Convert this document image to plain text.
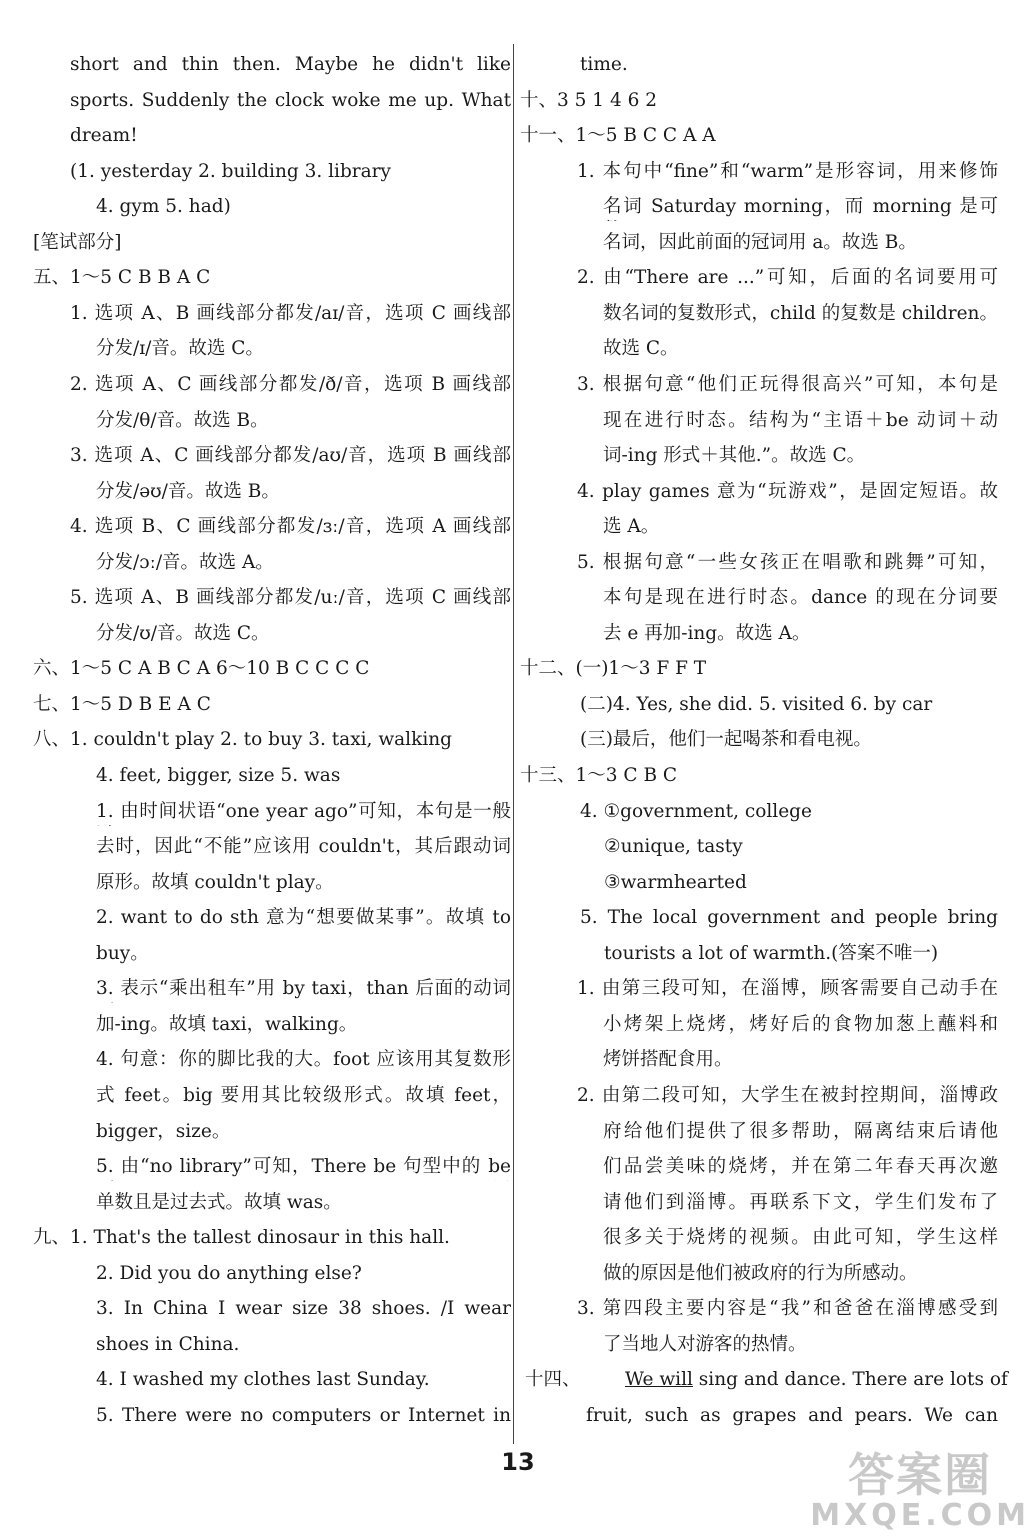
short and thin then. Maybe he didn't like
sports. Suddenly the clock woke me up. What
dream!
(1. yesterday 2. building 3. library
4. gym 5. had)
[笔试部分]
五、1～5 C B B A C
1. 选项 A、B 画线部分都发/aɪ/音，选项 C 画线部
分发/ɪ/音。故选 C。
2. 选项 A、C 画线部分都发/ð/音，选项 B 画线部
分发/θ/音。故选 B。
3. 选项 A、C 画线部分都发/aʊ/音，选项 B 画线部
分发/əʊ/音。故选 B。
4. 选项 B、C 画线部分都发/ɜː/音，选项 A 画线部
分发/ɔː/音。故选 A。
5. 选项 A、B 画线部分都发/uː/音，选项 C 画线部
分发/ʊ/音。故选 C。
六、1～5 C A B C A 6～10 B C C C C
七、1～5 D B E A C
八、1. couldn't play 2. to buy 3. taxi, walking
4. feet, bigger, size 5. was
1. 由时间状语“one year ago”可知，本句是一般
去时，因此“不能”应该用 couldn't，其后跟动词
原形。故填 couldn't play。
2. want to do sth 意为“想要做某事”。故填 to
buy。
3. 表示“乘出租车”用 by taxi，than 后面的动词
加-ing。故填 taxi，walking。
4. 句意：你的脚比我的大。foot 应该用其复数形
式 feet。big 要用其比较级形式。故填 feet，
bigger，size。
5. 由“no library”可知，There be 句型中的 be
单数且是过去式。故填 was。
九、1. That's the tallest dinosaur in this hall.
2. Did you do anything else?
3. In China I wear size 38 shoes. /I wear
shoes in China.
4. I washed my clothes last Sunday.
5. There were no computers or Internet in
time.
十、3 5 1 4 6 2
十一、1～5 B C C A A
1. 本句中“fine”和“warm”是形容词，用来修饰
名词 Saturday morning，而 morning 是可
名词，因此前面的冠词用 a。故选 B。
2. 由“There are ...”可知，后面的名词要用可
数名词的复数形式，child 的复数是 children。
故选 C。
3. 根据句意“他们正玩得很高兴”可知，本句是
现在进行时态。结构为“主语＋be 动词＋动
词-ing 形式＋其他.”。故选 C。
4. play games 意为“玩游戏”，是固定短语。故
选 A。
5. 根据句意“一些女孩正在唱歌和跳舞”可知，
本句是现在进行时态。dance 的现在分词要
去 e 再加-ing。故选 A。
十二、(一)1～3 F F T
(二)4. Yes, she did. 5. visited 6. by car
(三)最后，他们一起喝茶和看电视。
十三、1～3 C B C
4. ①government, college
②unique, tasty
③warmhearted
5. The local government and people bring
tourists a lot of warmth.(答案不唯一)
1. 由第三段可知，在淄博，顾客需要自己动手在
小烤架上烧烤，烤好后的食物加葱上蘸料和
烤饼搭配食用。
2. 由第二段可知，大学生在被封控期间，淄博政
府给他们提供了很多帮助，隔离结束后请他
们品尝美味的烧烤，并在第二年春天再次邀
请他们到淄博。再联系下文，学生们发布了
很多关于烧烤的视频。由此可知，学生这样
做的原因是他们被政府的行为所感动。
3. 第四段主要内容是“我”和爸爸在淄博感受到
了当地人对游客的热情。
十四、 We will sing and dance. There are lots of
fruit, such as grapes and pears. We can
13	答案圈
MXQE.COM
